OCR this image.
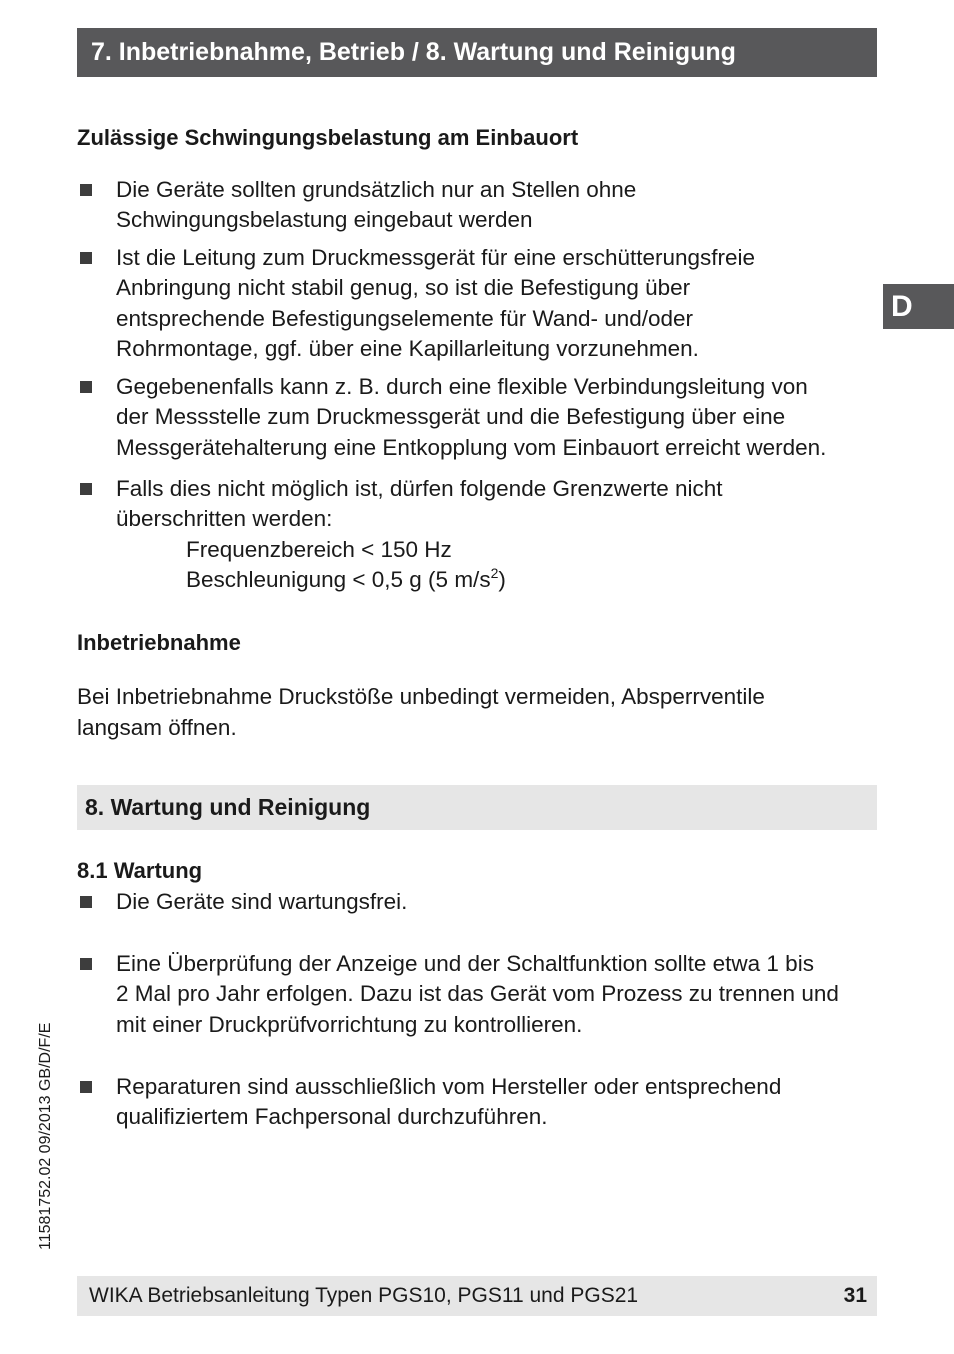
7. Inbetriebnahme, Betrieb / 8. Wartung und Reinigung
D
Zulässige Schwingungsbelastung am Einbauort
Die Geräte sollten grundsätzlich nur an Stellen ohne
Schwingungsbelastung eingebaut werden
Ist die Leitung zum Druckmessgerät für eine erschütterungsfreie
Anbringung nicht stabil genug, so ist die Befestigung über
entsprechende Befestigungselemente für Wand- und/oder
Rohrmontage, ggf. über eine Kapillarleitung vorzunehmen.
Gegebenenfalls kann z. B. durch eine flexible Verbindungsleitung von
der Messstelle zum Druckmessgerät und die Befestigung über eine
Messgerätehalterung eine Entkopplung vom Einbauort erreicht werden.
Falls dies nicht möglich ist, dürfen folgende Grenzwerte nicht
überschritten werden:
Frequenzbereich < 150 Hz
Beschleunigung < 0,5 g (5 $m/s^2$)
Inbetriebnahme
Bei Inbetriebnahme Druckstöße unbedingt vermeiden, Absperrventile
langsam öffnen.
8. Wartung und Reinigung
8.1 Wartung
Die Geräte sind wartungsfrei.
Eine Überprüfung der Anzeige und der Schaltfunktion sollte etwa 1 bis
2 Mal pro Jahr erfolgen. Dazu ist das Gerät vom Prozess zu trennen und
mit einer Druckprüfvorrichtung zu kontrollieren.
Reparaturen sind ausschließlich vom Hersteller oder entsprechend
qualifiziertem Fachpersonal durchzuführen.
11581752.02 09/2013 GB/D/F/E
WIKA Betriebsanleitung Typen PGS10, PGS11 und PGS21	31
